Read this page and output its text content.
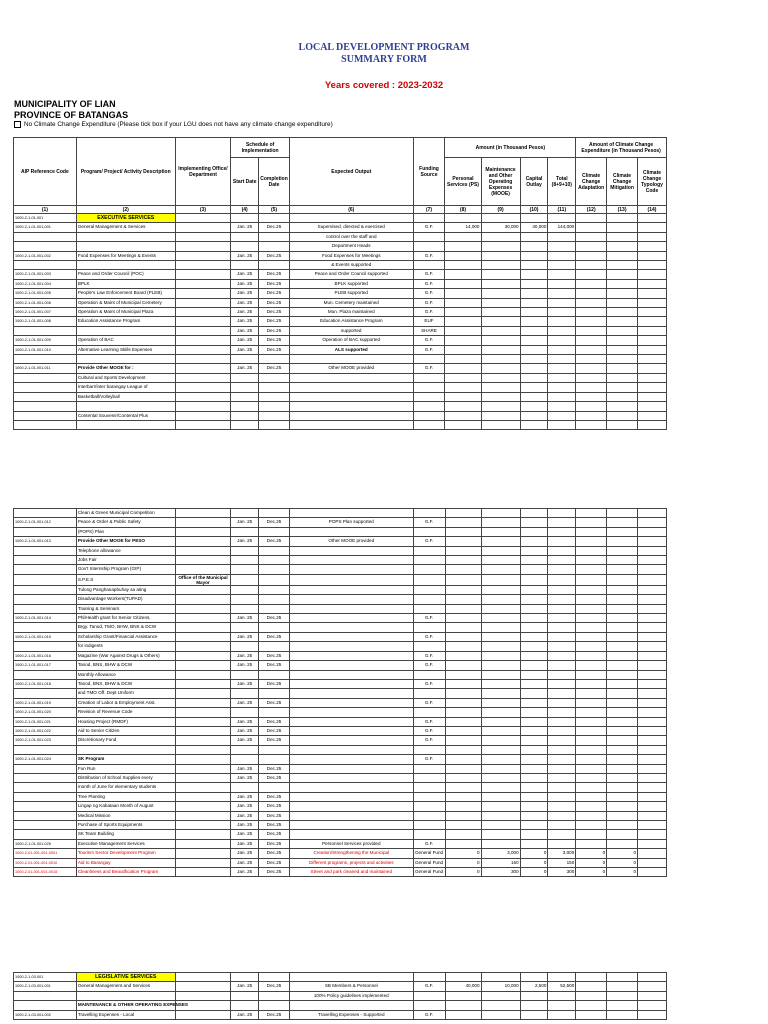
LOCAL DEVELOPMENT PROGRAM
SUMMARY FORM
Years covered : 2023-2032
MUNICIPALITY OF LIAN
PROVINCE OF BATANGAS
No Climate Change Expenditure (Please tick box if your LGU does not have any climate change expenditure)
AIP Reference Code	Program/ Project/ Activity Description	Implementing Office/ Department	Schedule of Implementation		Expected Output	Funding Source	Amount (in Thousand Pesos)				Amount of Climate Change Expenditure (in Thousand Pesos)		
			Start Date	Completion Date			Personal Services (PS)	Maintenance and Other Operating Expenses (MOOE)	Capital Outlay	Total (8+9+10)	Climate Change Adaptation	Climate Change Mitigation	Climate Change Typology Code
(1)	(2)	(3)	(4)	(5)	(6)	(7)	(8)	(9)	(10)	(11)	(12)	(13)	(14)
1000-2-1-01-001	EXECUTIVE SERVICES												
1000-2-1-01-001-001	General Management & Services		Jan. 25	Dec.25	Supervised, directed & exercised	G.F.	14,000	30,000	40,000	144,000			
					control over the staff and								
					Department Heads								
1000-2-1-01-001-002	Food Expenses for Meetings & Events		Jan. 25	Dec.25	Food Expenses for Meetings	G.F.							
					& Events supported								
1000-2-1-01-001-003	Peace and Order Council (POC)		Jan. 25	Dec.25	Peace and Order Council supported	G.F.							
1000-2-1-01-001-004	BPLK		Jan. 25	Dec.25	BPLK supported	G.F.							
1000-2-1-01-001-005	People's Law Enforcement Board (PLEB)		Jan. 25	Dec.25	PLEB supported	G.F.							
1000-2-1-01-001-006	Operation & Maint of Municipal Cemetery		Jan. 25	Dec.25	Mun. Cemetery maintained	G.F.							
1000-2-1-01-001-007	Operation & Maint of Municipal Plaza		Jan. 25	Dec.25	Mun. Plaza maintained	G.F.							
1000-2-1-01-001-008	Education Assistance Program		Jan. 25	Dec.25	Education Assistance Program	EUF							
			Jan. 25	Dec.25	supported	SHARE							
1000-2-1-01-001-009	Operation of BAC		Jan. 25	Dec.25	Operation of BAC supported	G.F.							
1000-2-1-01-001-010	Alternative Learning Skills Expenses		Jan. 25	Dec.25	ALS supported	G.F.							

1000-2-1-01-001-011	Provide Other MOOE for :		Jan. 25	Dec.25	Other MOOE provided	G.F.							
	Cultural and Sports Development												
	Interbarr/inter barangay League of												
	Basketball/Volleyball												

	Contental Souvenir/Contental Plus												

	Clean & Green Municipal Competition												
1000-2-1-01-001-012	Peace & Order & Public Safety		Jan. 25	Dec.25	POPS Plan supported	G.F.							
	(POPS) Plan												
1000-2-1-01-001-013	Provide Other MOOE for PESO		Jan. 25	Dec.25	Other MOOE provided	G.F.							
	Telephone allowance												
	Jobs Fair												
	Gov't Internship Program (GIP)												
	S.P.E.S	Office of the Municipal Mayor											
	Tulong Panghanapbuhay sa ating												
	Disadvantage Workers(TUPAD)												
	Training & Seminars												
1000-2-1-01-001-014	PhilHealth grant for Senior Citizens,		Jan. 25	Dec.25		G.F.							
	Brgy. Tanod, TMO, BHW, BNS & DCW												
1000-2-1-01-001-015	Scholarship Grant/Financial Assistance		Jan. 25	Dec.25		G.F.							
	for indigents												
1000-2-1-01-001-016	Magazine (War Against Drugs & Others)		Jan. 25	Dec.25		G.F.							
1000-2-1-01-001-017	Tanod, BNS, BHW & DCW		Jan. 25	Dec.25		G.F.							
	Monthly Allowance												
1000-2-1-01-001-018	Tanod, BNS, BHW & DCW		Jan. 25	Dec.25		G.F.							
	and TMO Off. Dept Uniform												
1000-2-1-01-001-019	Creation of Labor & Employment Asst.		Jan. 25	Dec.25		G.F.							
1000-2-1-01-001-020	Revision of Revenue Code												
1000-2-1-01-001-021	Housing Project (RMDF)		Jan. 25	Dec.25		G.F.							
1000-2-1-01-001-022	Aid to Senior Citizen		Jan. 25	Dec.25		G.F.							
1000-2-1-01-001-023	Discretionary Fund		Jan. 25	Dec.25		G.F.							

1000-2-1-01-001-024	SK Program					G.F.							
	Fun Run		Jan. 25	Dec.25									
	Distribution of School Supplies every		Jan. 25	Dec.25									
	month of June for elementary students												
	Tree Planting		Jan. 25	Dec.25									
	Lingap ng Kabataan Month of August		Jan. 25	Dec.25									
	Medical Mission		Jan. 25	Dec.25									
	Purchase of Sports Equipments		Jan. 25	Dec.25									
	SK Team Building		Jan. 25	Dec.25									
1000-2-1-01-001-025	Executive Management Services		Jan. 25	Dec.25	Personnel Services provided	G.F.							
1000-2-01-001-001-0001	Tourism Sector Development Program		Jan. 25	Dec.25	Creation/Strengthening the Municipal	General Fund	0	3,000	0	3,000	0	0	
1000-2-01-001-001-0010	Aid to Barangay		Jan. 25	Dec.25	Different programs, projects and activities	General Fund	0	150	0	150	0	0	
1000-2-01-001-001-0015	Cleanliness and Beautification Program		Jan. 25	Dec.25	Street and park cleaned and maintained	General Fund	0	300	0	300	0	0	
1000-2-1-03-001	LEGISLATIVE SERVICES												
1000-2-1-03-001-001	General Management and Services		Jan. 25	Dec.25	SB Members & Personnel	G.F.	40,000	10,000	2,500	52,500			
					100% Policy guidelines implemented								
	MAINTENANCE & OTHER OPERATING EXPENSES												
1000-2-1-03-001-002	Travelling Expenses - Local		Jan. 25	Dec.25	Travelling Expenses - Supported	G.F.							
